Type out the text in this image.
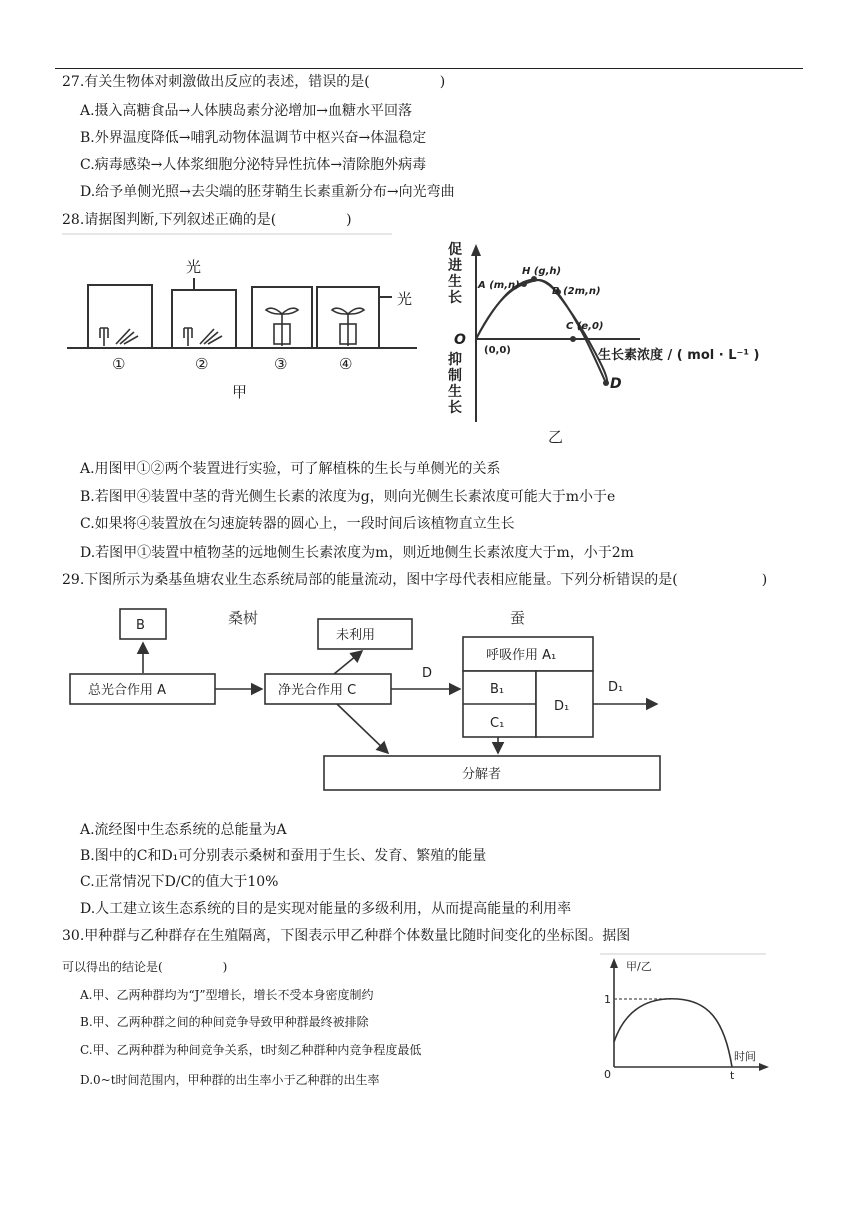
27.有关生物体对刺激做出反应的表述，错误的是(　　　　　)
A.摄入高糖食品→人体胰岛素分泌增加→血糖水平回落
B.外界温度降低→哺乳动物体温调节中枢兴奋→体温稳定
C.病毒感染→人体浆细胞分泌特异性抗体→清除胞外病毒
D.给予单侧光照→去尖端的胚芽鞘生长素重新分布→向光弯曲
28.请据图判断,下列叙述正确的是(　　　　　)
光
光
①	②	③	④
甲
促
进
生
长
O
抑
制
生
长
A (m,n)
H (g,h)
B (2m,n)
C (e,0)
(0,0)
D
生长素浓度 / ( mol · L⁻¹ )
乙
A.用图甲①②两个装置进行实验，可了解植株的生长与单侧光的关系
B.若图甲④装置中茎的背光侧生长素的浓度为g，则向光侧生长素浓度可能大于m小于e
C.如果将④装置放在匀速旋转器的圆心上，一段时间后该植物直立生长
D.若图甲①装置中植物茎的远地侧生长素浓度为m，则近地侧生长素浓度大于m，小于2m
29.下图所示为桑基鱼塘农业生态系统局部的能量流动，图中字母代表相应能量。下列分析错误的是(　　　　　　)
B	桑树	蚕
总光合作用 A	净光合作用 C
未利用
D
呼吸作用 A₁
B₁
C₁
D₁
D₁
分解者
A.流经图中生态系统的总能量为A
B.图中的C和D₁可分别表示桑树和蚕用于生长、发育、繁殖的能量
C.正常情况下D/C的值大于10%
D.人工建立该生态系统的目的是实现对能量的多级利用，从而提高能量的利用率
30.甲种群与乙种群存在生殖隔离，下图表示甲乙种群个体数量比随时间变化的坐标图。据图
可以得出的结论是(　　　　　)
A.甲、乙两种群均为“J”型增长，增长不受本身密度制约
B.甲、乙两种群之间的种间竞争导致甲种群最终被排除
C.甲、乙两种群为种间竞争关系，t时刻乙种群种内竞争程度最低
D.0~t时间范围内，甲种群的出生率小于乙种群的出生率
甲/乙
1
0	t
时间
